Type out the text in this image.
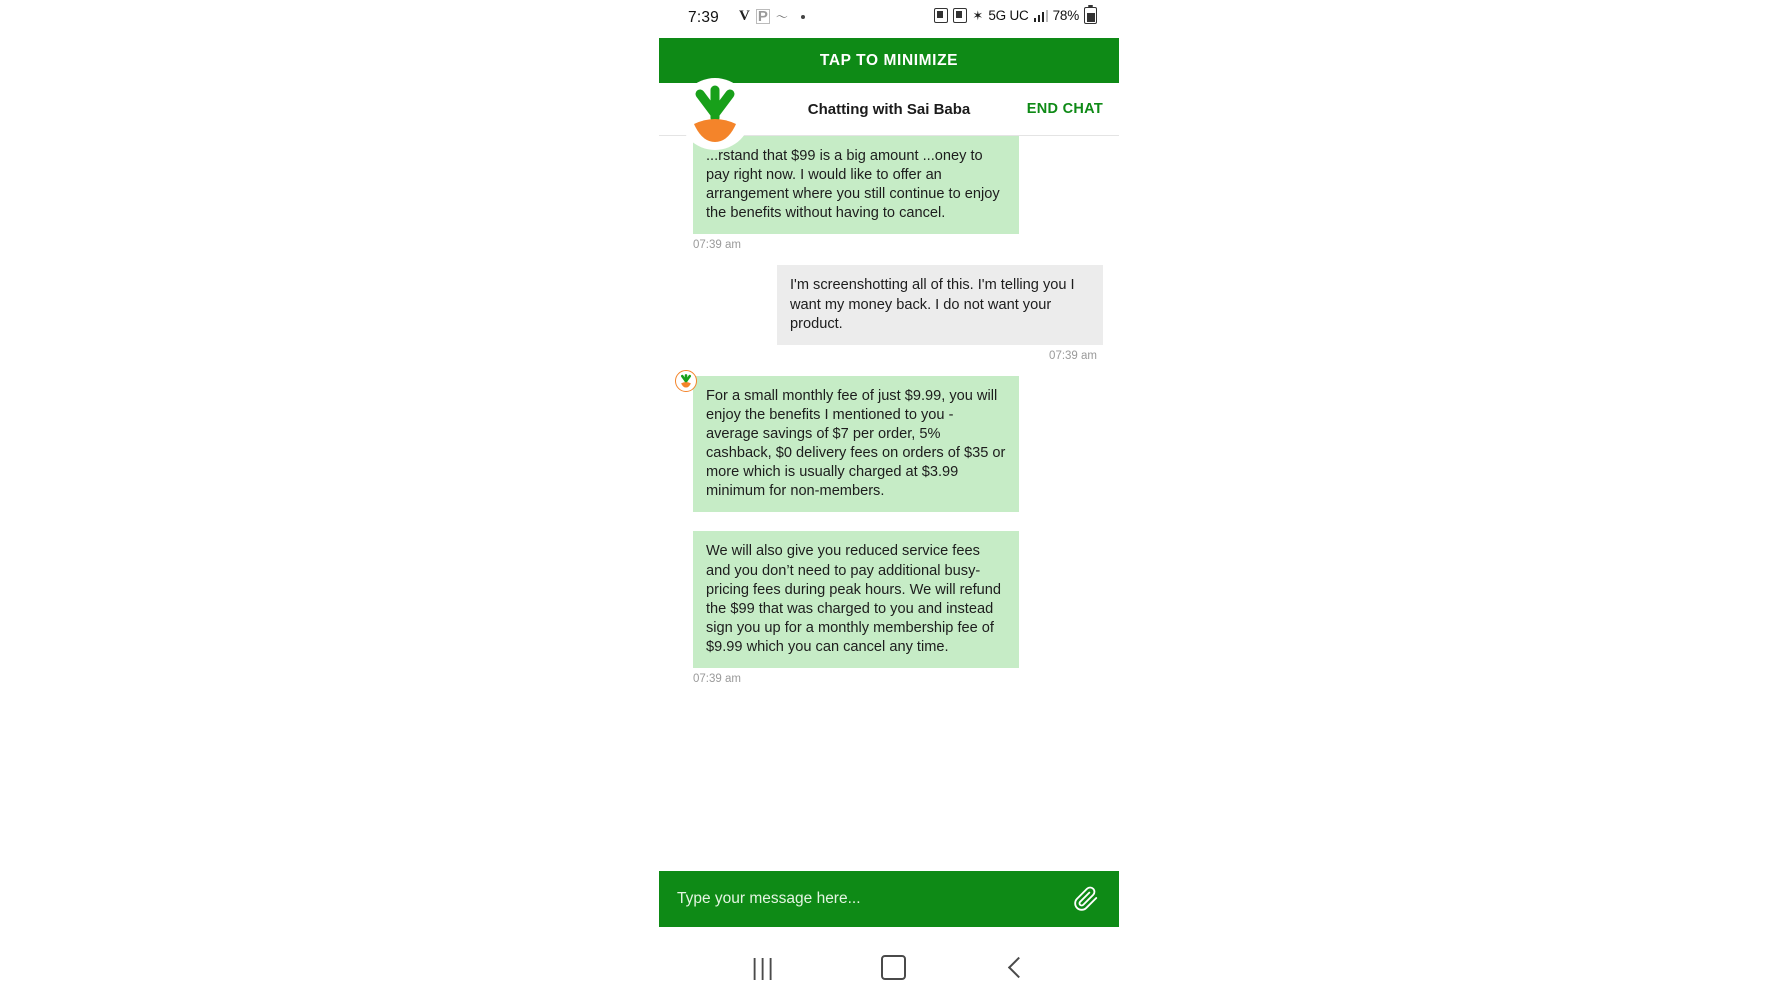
7:39 V P 〜	✶ 5G UC 78%
TAP TO MINIMIZE
Chatting with Sai Baba	END CHAT
...rstand that $99 is a big amount ...oney to pay right now. I would like to offer an arrangement where you still continue to enjoy the benefits without having to cancel.
07:39 am
I'm screenshotting all of this. I'm telling you I want my money back. I do not want your product.
07:39 am
For a small monthly fee of just $9.99, you will enjoy the benefits I mentioned to you - average savings of $7 per order, 5% cashback, $0 delivery fees on orders of $35 or more which is usually charged at $3.99 minimum for non-members.
We will also give you reduced service fees and you don’t need to pay additional busy-pricing fees during peak hours. We will refund the $99 that was charged to you and instead sign you up for a monthly membership fee of $9.99 which you can cancel any time.
07:39 am
Type your message here...
|||
